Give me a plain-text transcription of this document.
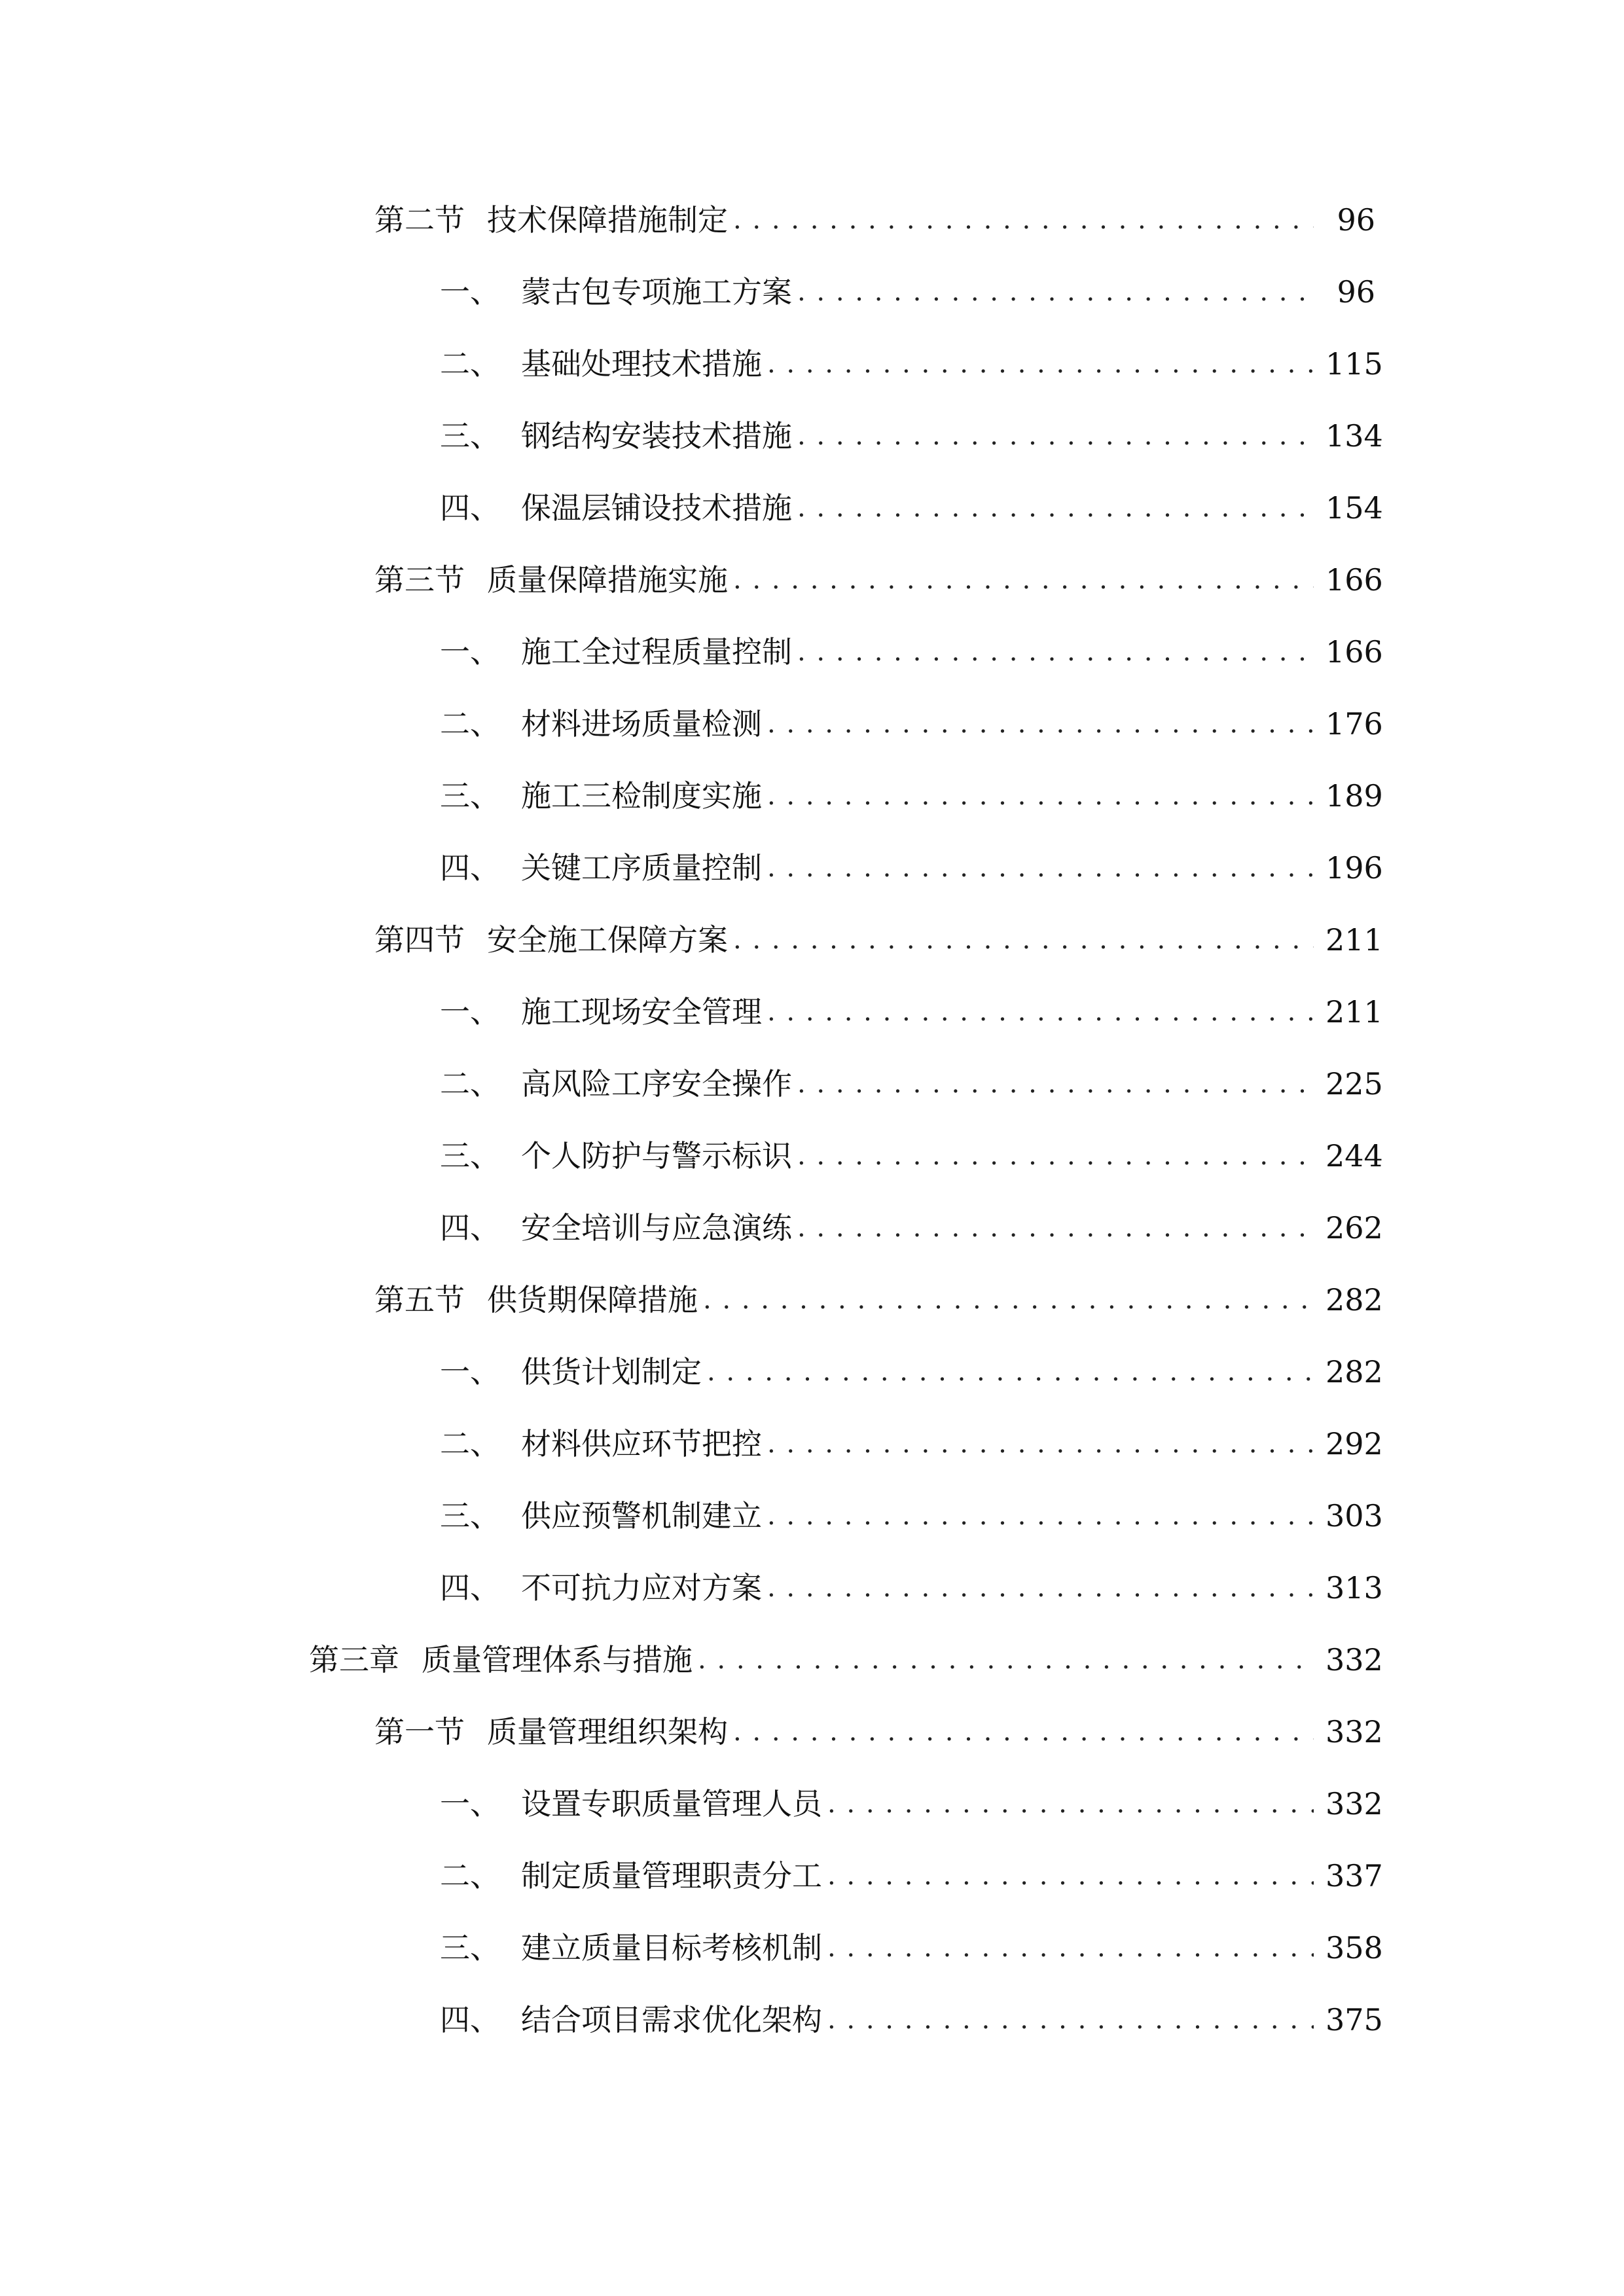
第二节 技术保障措施制定 . . .	96
一、 蒙古包专项施工方案 . . .	96
二、 基础处理技术措施 . . .	115
三、 钢结构安装技术措施 . . .	134
四、 保温层铺设技术措施 . . .	154
第三节 质量保障措施实施 . . .	166
一、 施工全过程质量控制 . . .	166
二、 材料进场质量检测 . . .	176
三、 施工三检制度实施 . . .	189
四、 关键工序质量控制 . . .	196
第四节 安全施工保障方案 . . .	211
一、 施工现场安全管理 . . .	211
二、 高风险工序安全操作 . . .	225
三、 个人防护与警示标识 . . .	244
四、 安全培训与应急演练 . . .	262
第五节 供货期保障措施 . . .	282
一、 供货计划制定 . . .	282
二、 材料供应环节把控 . . .	292
三、 供应预警机制建立 . . .	303
四、 不可抗力应对方案 . . .	313
第三章 质量管理体系与措施 . . .	332
第一节 质量管理组织架构 . . .	332
一、 设置专职质量管理人员 . . .	332
二、 制定质量管理职责分工 . . .	337
三、 建立质量目标考核机制 . . .	358
四、 结合项目需求优化架构 . . .	375
